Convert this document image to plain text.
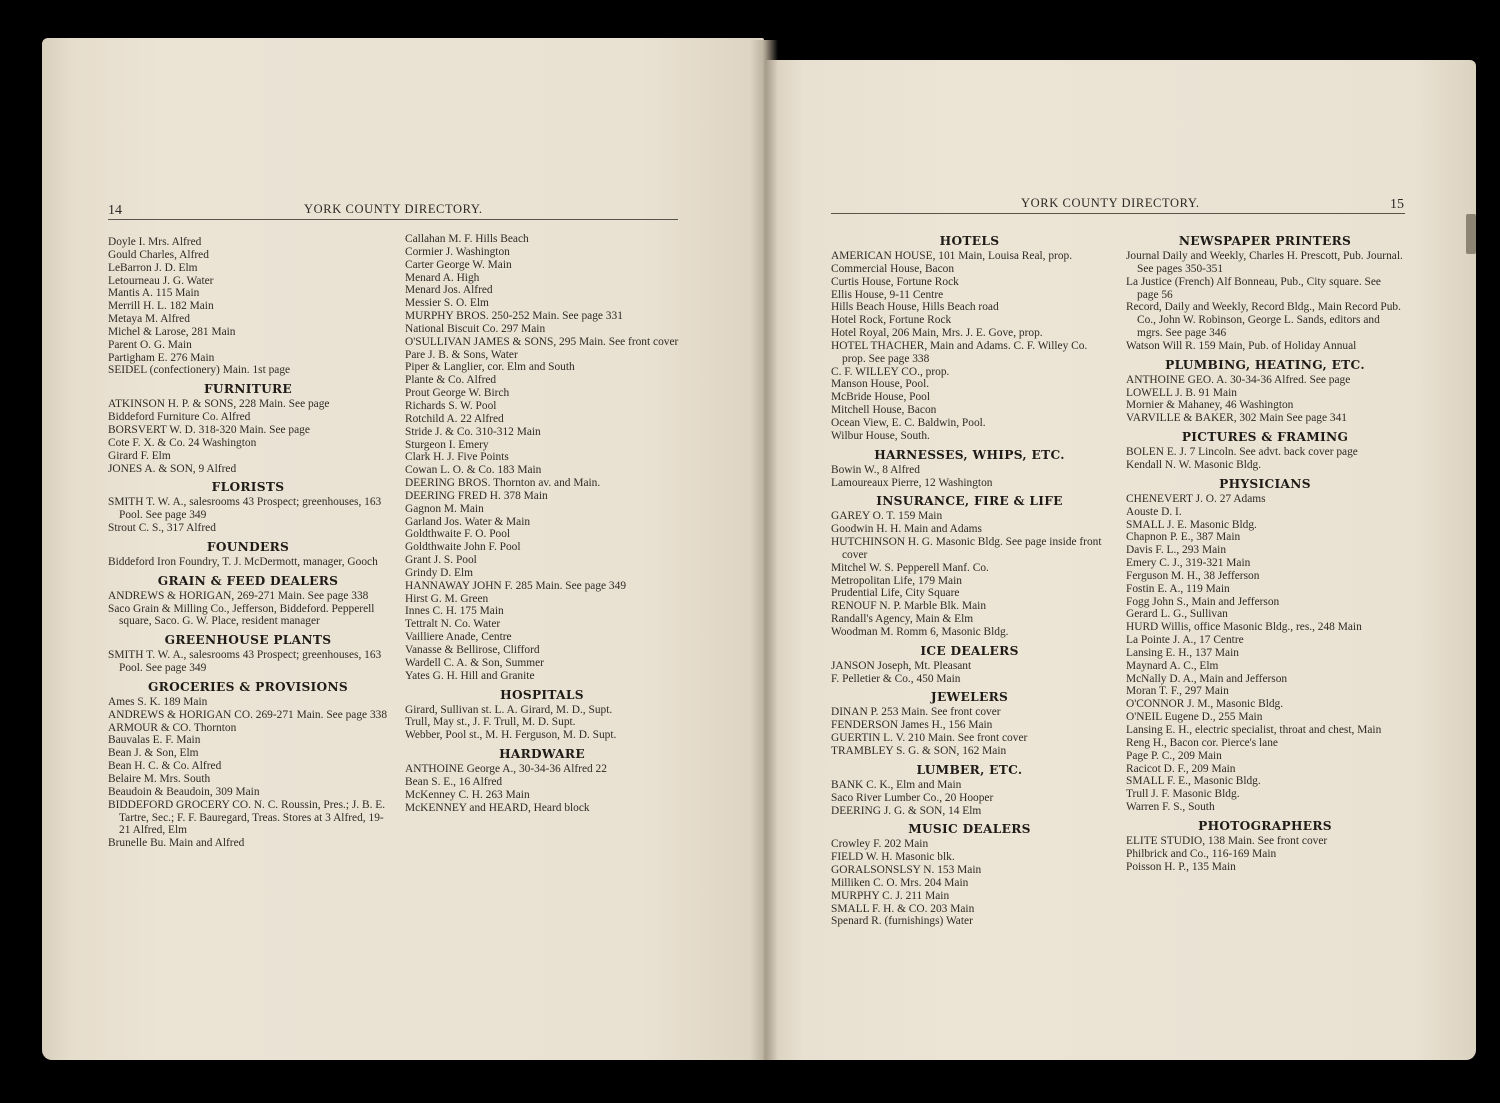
14	YORK COUNTY DIRECTORY.	YORK COUNTY DIRECTORY.	15
Doyle I. Mrs. Alfred
Gould Charles, Alfred
LeBarron J. D. Elm
Letourneau J. G. Water
Mantis A. 115 Main
Merrill H. L. 182 Main
Metaya M. Alfred
Michel & Larose, 281 Main
Parent O. G. Main
Partigham E. 276 Main
SEIDEL (confectionery) Main. 1st page
FURNITURE
ATKINSON H. P. & SONS, 228 Main. See page
Biddeford Furniture Co. Alfred
BORSVERT W. D. 318-320 Main. See page
Cote F. X. & Co. 24 Washington
Girard F. Elm
JONES A. & SON, 9 Alfred
FLORISTS
SMITH T. W. A., salesrooms 43 Prospect; greenhouses, 163 Pool. See page 349
Strout C. S., 317 Alfred
FOUNDERS
Biddeford Iron Foundry, T. J. McDermott, manager, Gooch
GRAIN & FEED DEALERS
ANDREWS & HORIGAN, 269-271 Main. See page 338
Saco Grain & Milling Co., Jefferson, Biddeford. Pepperell square, Saco. G. W. Place, resident manager
GREENHOUSE PLANTS
SMITH T. W. A., salesrooms 43 Prospect; greenhouses, 163 Pool. See page 349
GROCERIES & PROVISIONS
Ames S. K. 189 Main
ANDREWS & HORIGAN CO. 269-271 Main. See page 338
ARMOUR & CO. Thornton
Bauvalas E. F. Main
Bean J. & Son, Elm
Bean H. C. & Co. Alfred
Belaire M. Mrs. South
Beaudoin & Beaudoin, 309 Main
BIDDEFORD GROCERY CO. N. C. Roussin, Pres.; J. B. E. Tartre, Sec.; F. F. Bauregard, Treas. Stores at 3 Alfred, 19-21 Alfred, Elm
Brunelle Bu. Main and Alfred
Callahan M. F. Hills Beach
Cormier J. Washington
Carter George W. Main
Menard A. High
Menard Jos. Alfred
Messier S. O. Elm
MURPHY BROS. 250-252 Main. See page 331
National Biscuit Co. 297 Main
O'SULLIVAN JAMES & SONS, 295 Main. See front cover
Pare J. B. & Sons, Water
Piper & Langlier, cor. Elm and South
Plante & Co. Alfred
Prout George W. Birch
Richards S. W. Pool
Rotchild A. 22 Alfred
Stride J. & Co. 310-312 Main
Sturgeon I. Emery
Clark H. J. Five Points
Cowan L. O. & Co. 183 Main
DEERING BROS. Thornton av. and Main.
DEERING FRED H. 378 Main
Gagnon M. Main
Garland Jos. Water & Main
Goldthwaite F. O. Pool
Goldthwaite John F. Pool
Grant J. S. Pool
Grindy D. Elm
HANNAWAY JOHN F. 285 Main. See page 349
Hirst G. M. Green
Innes C. H. 175 Main
Tettralt N. Co. Water
Vailliere Anade, Centre
Vanasse & Bellirose, Clifford
Wardell C. A. & Son, Summer
Yates G. H. Hill and Granite
HOSPITALS
Girard, Sullivan st. L. A. Girard, M. D., Supt.
Trull, May st., J. F. Trull, M. D. Supt.
Webber, Pool st., M. H. Ferguson, M. D. Supt.
HARDWARE
ANTHOINE George A., 30-34-36 Alfred 22
Bean S. E., 16 Alfred
McKenney C. H. 263 Main
McKENNEY and HEARD, Heard block
HOTELS
AMERICAN HOUSE, 101 Main, Louisa Real, prop.
Commercial House, Bacon
Curtis House, Fortune Rock
Ellis House, 9-11 Centre
Hills Beach House, Hills Beach road
Hotel Rock, Fortune Rock
Hotel Royal, 206 Main, Mrs. J. E. Gove, prop.
HOTEL THACHER, Main and Adams. C. F. Willey Co. prop. See page 338
C. F. WILLEY CO., prop.
Manson House, Pool.
McBride House, Pool
Mitchell House, Bacon
Ocean View, E. C. Baldwin, Pool.
Wilbur House, South.
HARNESSES, WHIPS, ETC.
Bowin W., 8 Alfred
Lamoureaux Pierre, 12 Washington
INSURANCE, FIRE & LIFE
GAREY O. T. 159 Main
Goodwin H. H. Main and Adams
HUTCHINSON H. G. Masonic Bldg. See page inside front cover
Mitchel W. S. Pepperell Manf. Co.
Metropolitan Life, 179 Main
Prudential Life, City Square
RENOUF N. P. Marble Blk. Main
Randall's Agency, Main & Elm
Woodman M. Romm 6, Masonic Bldg.
ICE DEALERS
JANSON Joseph, Mt. Pleasant
F. Pelletier & Co., 450 Main
JEWELERS
DINAN P. 253 Main. See front cover
FENDERSON James H., 156 Main
GUERTIN L. V. 210 Main. See front cover
TRAMBLEY S. G. & SON, 162 Main
LUMBER, ETC.
BANK C. K., Elm and Main
Saco River Lumber Co., 20 Hooper
DEERING J. G. & SON, 14 Elm
MUSIC DEALERS
Crowley F. 202 Main
FIELD W. H. Masonic blk.
GORALSONSLSY N. 153 Main
Milliken C. O. Mrs. 204 Main
MURPHY C. J. 211 Main
SMALL F. H. & CO. 203 Main
Spenard R. (furnishings) Water
NEWSPAPER PRINTERS
Journal Daily and Weekly, Charles H. Prescott, Pub. Journal. See pages 350-351
La Justice (French) Alf Bonneau, Pub., City square. See page 56
Record, Daily and Weekly, Record Bldg., Main Record Pub. Co., John W. Robinson, George L. Sands, editors and mgrs. See page 346
Watson Will R. 159 Main, Pub. of Holiday Annual
PLUMBING, HEATING, ETC.
ANTHOINE GEO. A. 30-34-36 Alfred. See page
LOWELL J. B. 91 Main
Mornier & Mahaney, 46 Washington
VARVILLE & BAKER, 302 Main See page 341
PICTURES & FRAMING
BOLEN E. J. 7 Lincoln. See advt. back cover page
Kendall N. W. Masonic Bldg.
PHYSICIANS
CHENEVERT J. O. 27 Adams
Aouste D. I.
SMALL J. E. Masonic Bldg.
Chapnon P. E., 387 Main
Davis F. L., 293 Main
Emery C. J., 319-321 Main
Ferguson M. H., 38 Jefferson
Fostin E. A., 119 Main
Fogg John S., Main and Jefferson
Gerard L. G., Sullivan
HURD Willis, office Masonic Bldg., res., 248 Main
La Pointe J. A., 17 Centre
Lansing E. H., 137 Main
Maynard A. C., Elm
McNally D. A., Main and Jefferson
Moran T. F., 297 Main
O'CONNOR J. M., Masonic Bldg.
O'NEIL Eugene D., 255 Main
Lansing E. H., electric specialist, throat and chest, Main
Reng H., Bacon cor. Pierce's lane
Page P. C., 209 Main
Racicot D. F., 209 Main
SMALL F. E., Masonic Bldg.
Trull J. F. Masonic Bldg.
Warren F. S., South
PHOTOGRAPHERS
ELITE STUDIO, 138 Main. See front cover
Philbrick and Co., 116-169 Main
Poisson H. P., 135 Main
